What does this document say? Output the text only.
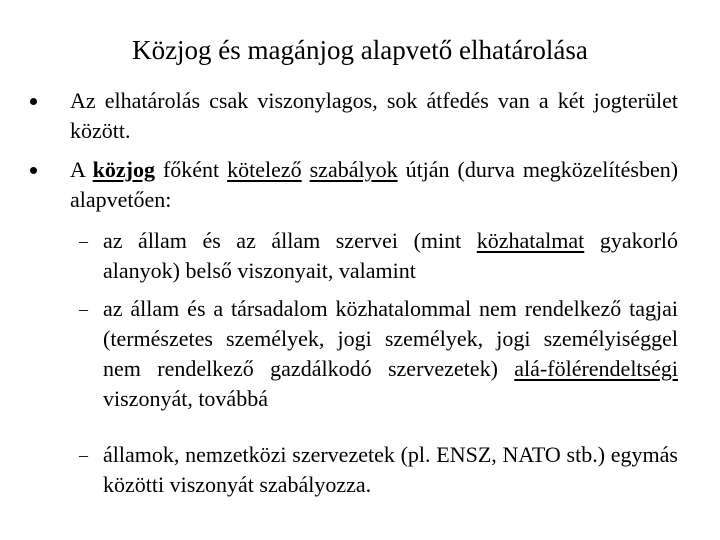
Közjog és magánjog alapvető elhatárolása
Az elhatárolás csak viszonylagos, sok átfedés van a két jogterület között.
A közjog főként kötelező szabályok útján (durva megközelítésben) alapvetően:
– az állam és az állam szervei (mint közhatalmat gyakorló alanyok) belső viszonyait, valamint
– az állam és a társadalom közhatalommal nem rendelkező tagjai (természetes személyek, jogi személyek, jogi személyiséggel nem rendelkező gazdálkodó szervezetek) alá-fölérendeltségi viszonyát, továbbá
– államok, nemzetközi szervezetek (pl. ENSZ, NATO stb.) egymás közötti viszonyát szabályozza.
